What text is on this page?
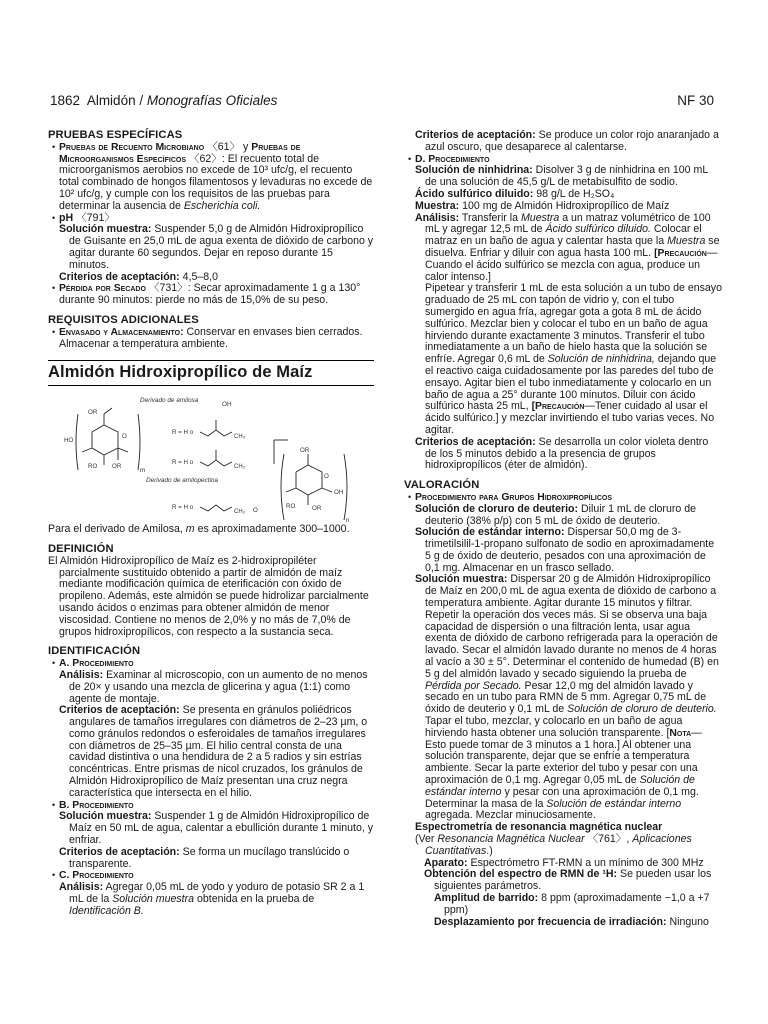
1862 Almidón / Monografías Oficiales	NF 30

PRUEBAS ESPECÍFICAS

• Pruebas de Recuento Microbiano 〈61〉 y Pruebas de Microorganismos Específicos 〈62〉: El recuento total de microorganismos aerobios no excede de 10³ ufc/g, el recuento total combinado de hongos filamentosos y levaduras no excede de 10² ufc/g, y cumple con los requisitos de las pruebas para determinar la ausencia de Escherichia coli.

• pH 〈791〉

Solución muestra: Suspender 5,0 g de Almidón Hidroxipropílico de Guisante en 25,0 mL de agua exenta de dióxido de carbono y agitar durante 60 segundos. Dejar en reposo durante 15 minutos.

Criterios de aceptación: 4,5–8,0

• Pérdida por Secado 〈731〉: Secar aproximadamente 1 g a 130° durante 90 minutos: pierde no más de 15,0% de su peso.

REQUISITOS ADICIONALES

• Envasado y Almacenamiento: Conservar en envases bien cerrados. Almacenar a temperatura ambiente.

Almidón Hidroxipropílico de Maíz
Derivado de amilosa
OH
OR
HO
O
RO OR
m
R = H o
CH₃
R = H o
CH₃
Derivado de amilopectina
R = H o
CH₃ O
OR
O
OH
RO	OR
n

Para el derivado de Amilosa, m es aproximadamente 300–1000.

DEFINICIÓN

El Almidón Hidroxipropílico de Maíz es 2-hidroxipropiléter parcialmente sustituido obtenido a partir de almidón de maíz mediante modificación química de eterificación con óxido de propileno. Además, este almidón se puede hidrolizar parcialmente usando ácidos o enzimas para obtener almidón de menor viscosidad. Contiene no menos de 2,0% y no más de 7,0% de grupos hidroxipropílicos, con respecto a la sustancia seca.

IDENTIFICACIÓN

• A. Procedimiento

Análisis: Examinar al microscopio, con un aumento de no menos de 20× y usando una mezcla de glicerina y agua (1:1) como agente de montaje.

Criterios de aceptación: Se presenta en gránulos poliédricos angulares de tamaños irregulares con diámetros de 2–23 µm, o como gránulos redondos o esferoidales de tamaños irregulares con diámetros de 25–35 µm. El hilio central consta de una cavidad distintiva o una hendidura de 2 a 5 radios y sin estrías concéntricas. Entre prismas de nicol cruzados, los gránulos de Almidón Hidroxipropílico de Maíz presentan una cruz negra característica que intersecta en el hilio.

• B. Procedimiento

Solución muestra: Suspender 1 g de Almidón Hidroxipropílico de Maíz en 50 mL de agua, calentar a ebullición durante 1 minuto, y enfriar.

Criterios de aceptación: Se forma un mucílago translúcido o transparente.

• C. Procedimiento

Análisis: Agregar 0,05 mL de yodo y yoduro de potasio SR 2 a 1 mL de la Solución muestra obtenida en la prueba de Identificación B.

Criterios de aceptación: Se produce un color rojo anaranjado a azul oscuro, que desaparece al calentarse.

• D. Procedimiento

Solución de ninhidrina: Disolver 3 g de ninhidrina en 100 mL de una solución de 45,5 g/L de metabisulfito de sodio.

Ácido sulfúrico diluido: 98 g/L de H₂SO₄

Muestra: 100 mg de Almidón Hidroxipropílico de Maíz

Análisis: Transferir la Muestra a un matraz volumétrico de 100 mL y agregar 12,5 mL de Ácido sulfúrico diluido. Colocar el matraz en un baño de agua y calentar hasta que la Muestra se disuelva. Enfriar y diluir con agua hasta 100 mL. [Precaución—Cuando el ácido sulfúrico se mezcla con agua, produce un calor intenso.]

Pipetear y transferir 1 mL de esta solución a un tubo de ensayo graduado de 25 mL con tapón de vidrio y, con el tubo sumergido en agua fría, agregar gota a gota 8 mL de ácido sulfúrico. Mezclar bien y colocar el tubo en un baño de agua hirviendo durante exactamente 3 minutos. Transferir el tubo inmediatamente a un baño de hielo hasta que la solución se enfríe. Agregar 0,6 mL de Solución de ninhidrina, dejando que el reactivo caiga cuidadosamente por las paredes del tubo de ensayo. Agitar bien el tubo inmediatamente y colocarlo en un baño de agua a 25° durante 100 minutos. Diluir con ácido sulfúrico hasta 25 mL, [Precaución—Tener cuidado al usar el ácido sulfúrico.] y mezclar invirtiendo el tubo varias veces. No agitar.

Criterios de aceptación: Se desarrolla un color violeta dentro de los 5 minutos debido a la presencia de grupos hidroxipropílicos (éter de almidón).

VALORACIÓN

• Procedimiento para Grupos Hidroxipropílicos

Solución de cloruro de deuterio: Diluir 1 mL de cloruro de deuterio (38% p/p) con 5 mL de óxido de deuterio.

Solución de estándar interno: Dispersar 50,0 mg de 3-trimetilsilil-1-propano sulfonato de sodio en aproximadamente 5 g de óxido de deuterio, pesados con una aproximación de 0,1 mg. Almacenar en un frasco sellado.

Solución muestra: Dispersar 20 g de Almidón Hidroxipropílico de Maíz en 200,0 mL de agua exenta de dióxido de carbono a temperatura ambiente. Agitar durante 15 minutos y filtrar. Repetir la operación dos veces más. Si se observa una baja capacidad de dispersión o una filtración lenta, usar agua exenta de dióxido de carbono refrigerada para la operación de lavado. Secar el almidón lavado durante no menos de 4 horas al vacío a 30 ± 5°. Determinar el contenido de humedad (B) en 5 g del almidón lavado y secado siguiendo la prueba de Pérdida por Secado. Pesar 12,0 mg del almidón lavado y secado en un tubo para RMN de 5 mm. Agregar 0,75 mL de óxido de deuterio y 0,1 mL de Solución de cloruro de deuterio. Tapar el tubo, mezclar, y colocarlo en un baño de agua hirviendo hasta obtener una solución transparente. [Nota—Esto puede tomar de 3 minutos a 1 hora.] Al obtener una solución transparente, dejar que se enfríe a temperatura ambiente. Secar la parte exterior del tubo y pesar con una aproximación de 0,1 mg. Agregar 0,05 mL de Solución de estándar interno y pesar con una aproximación de 0,1 mg. Determinar la masa de la Solución de estándar interno agregada. Mezclar minuciosamente.

Espectrometría de resonancia magnética nuclear

(Ver Resonancia Magnética Nuclear 〈761〉, Aplicaciones Cuantitativas.)

Aparato: Espectrómetro FT-RMN a un mínimo de 300 MHz

Obtención del espectro de RMN de ¹H: Se pueden usar los siguientes parámetros.

Amplitud de barrido: 8 ppm (aproximadamente −1,0 a +7 ppm)

Desplazamiento por frecuencia de irradiación: Ninguno
